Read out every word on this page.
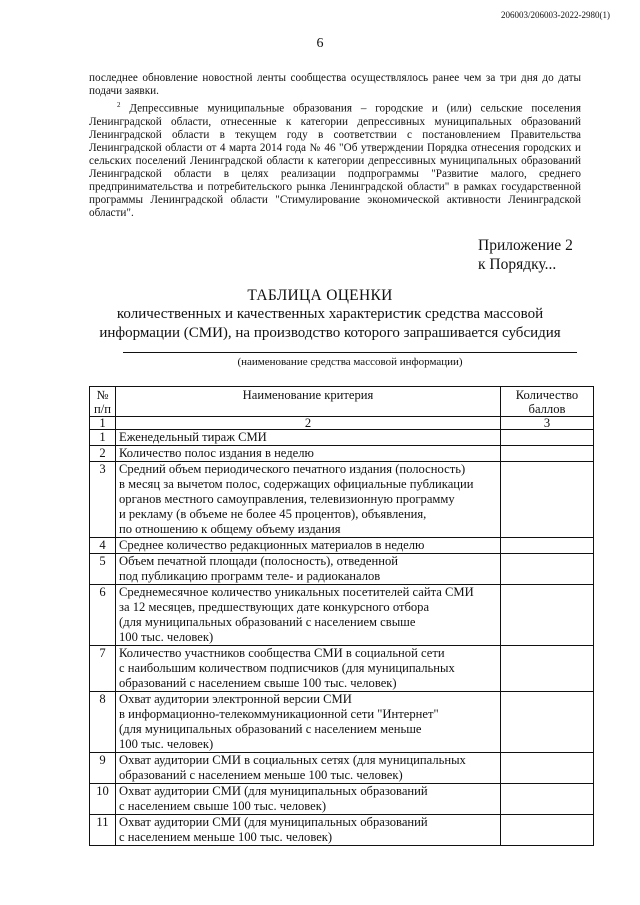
206003/206003-2022-2980(1)
6
последнее обновление новостной ленты сообщества осуществлялось ранее чем за три дня до даты подачи заявки.
$^2$ Депрессивные муниципальные образования – городские и (или) сельские поселения Ленинградской области, отнесенные к категории депрессивных муниципальных образований Ленинградской области в текущем году в соответствии с постановлением Правительства Ленинградской области от 4 марта 2014 года № 46 "Об утверждении Порядка отнесения городских и сельских поселений Ленинградской области к категории депрессивных муниципальных образований Ленинградской области в целях реализации подпрограммы "Развитие малого, среднего предпринимательства и потребительского рынка Ленинградской области" в рамках государственной программы Ленинградской области "Стимулирование экономической активности Ленинградской области".
Приложение 2
к Порядку...
ТАБЛИЦА ОЦЕНКИ
количественных и качественных характеристик средства массовой информации (СМИ), на производство которого запрашивается субсидия
(наименование средства массовой информации)
№ п/п	Наименование критерия	Количество баллов
1	2	3
1	Еженедельный тираж СМИ	
2	Количество полос издания в неделю	
3	Средний объем периодического печатного издания (полосность)
в месяц за вычетом полос, содержащих официальные публикации
органов местного самоуправления, телевизионную программу
и рекламу (в объеме не более 45 процентов), объявления,
по отношению к общему объему издания	
4	Среднее количество редакционных материалов в неделю	
5	Объем печатной площади (полосность), отведенной
под публикацию программ теле- и радиоканалов	
6	Среднемесячное количество уникальных посетителей сайта СМИ
за 12 месяцев, предшествующих дате конкурсного отбора
(для муниципальных образований с населением свыше
100 тыс. человек)	
7	Количество участников сообщества СМИ в социальной сети
с наибольшим количеством подписчиков (для муниципальных
образований с населением свыше 100 тыс. человек)	
8	Охват аудитории электронной версии СМИ
в информационно-телекоммуникационной сети "Интернет"
(для муниципальных образований с населением меньше
100 тыс. человек)	
9	Охват аудитории СМИ в социальных сетях (для муниципальных
образований с населением меньше 100 тыс. человек)	
10	Охват аудитории СМИ (для муниципальных образований
с населением свыше 100 тыс. человек)	
11	Охват аудитории СМИ (для муниципальных образований
с населением меньше 100 тыс. человек)	
